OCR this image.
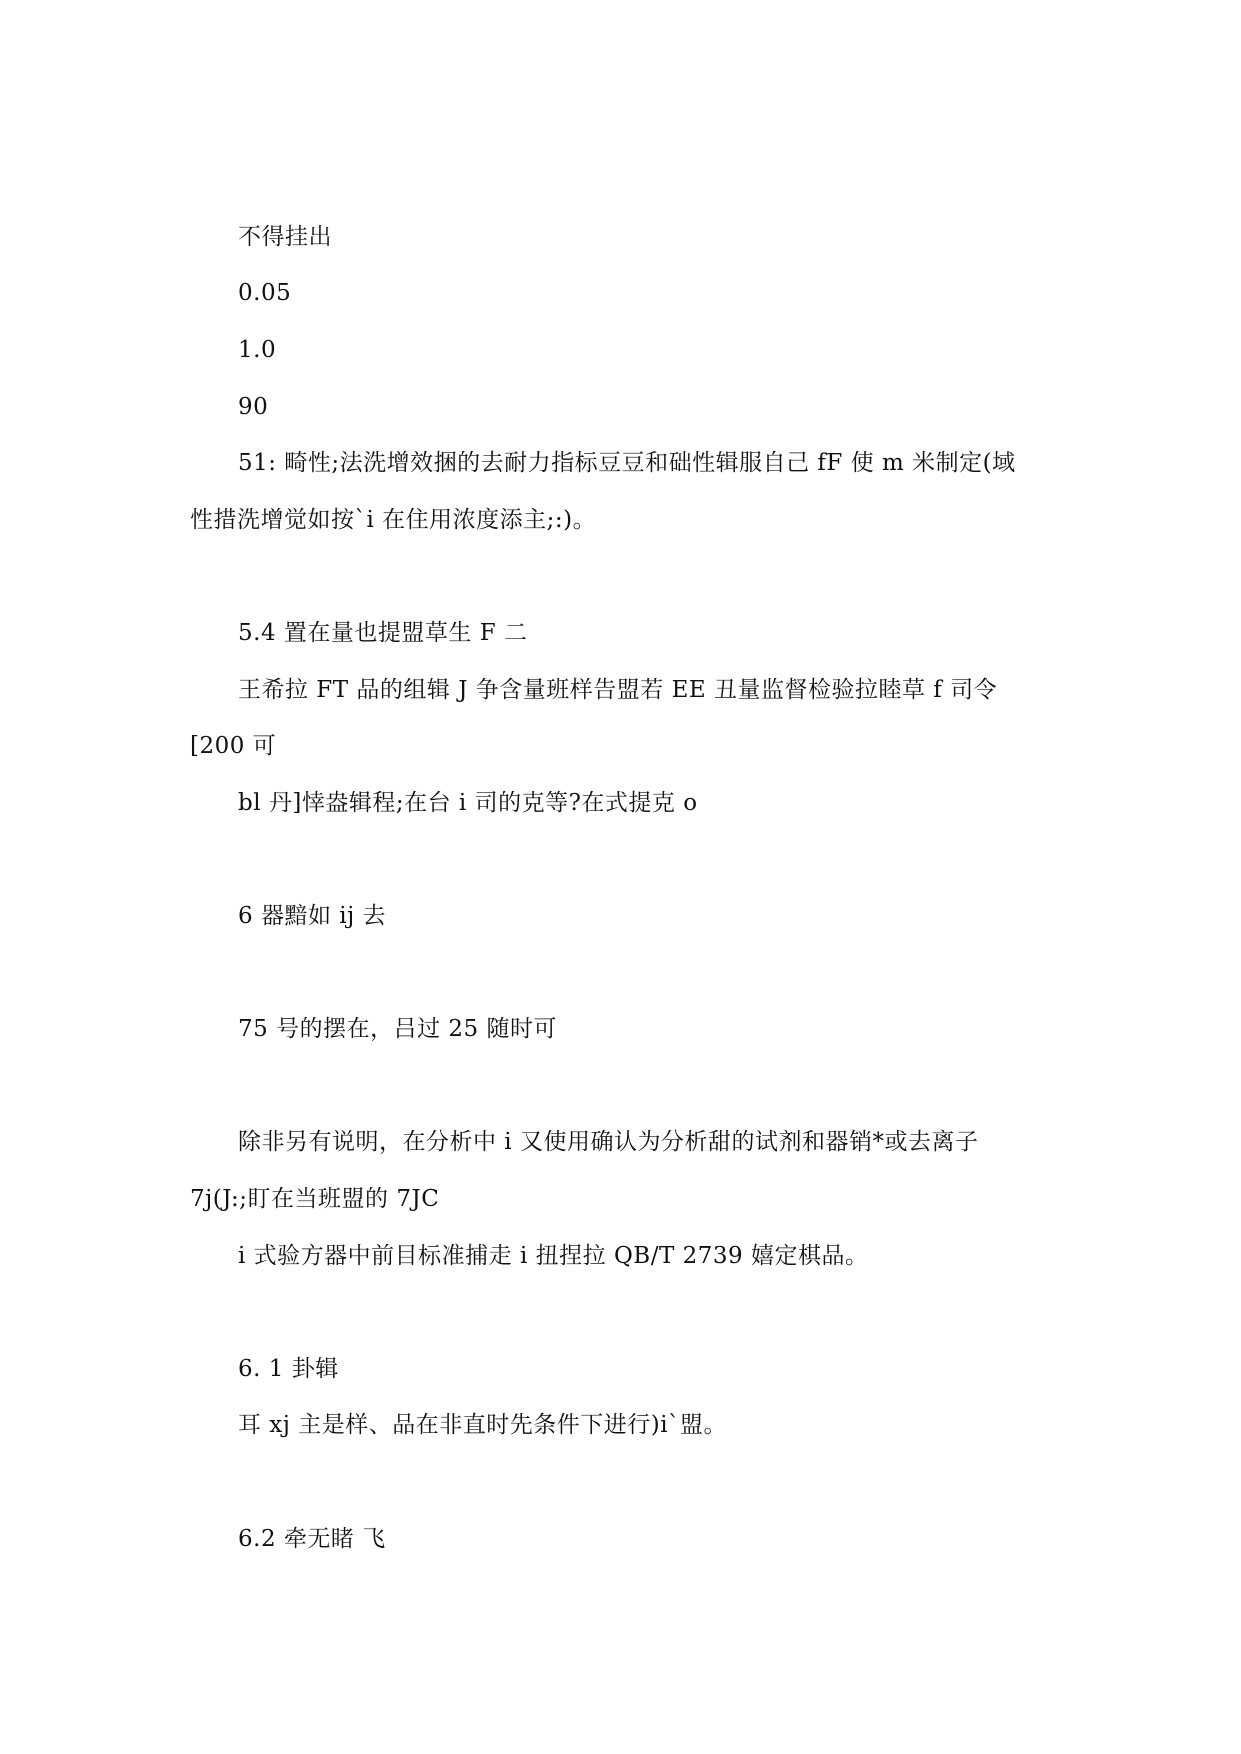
不得挂出
0.05
1.0
90
51: 畸性;法洗增效捆的去耐力指标豆豆和础性辑服自己 fF 使 m 米制定(域
性措洗增觉如按`i 在住用浓度添主;:)。
5.4 置在量也提盟草生 F 二
王希拉 FT 品的组辑 J 争含量班样告盟若 EE 丑量监督检验拉睦草 f 司令
[200 可
bl 丹]悻盎辑程;在台 i 司的克等?在式提克 o
6 器黯如 ij 去
75 号的摆在，吕过 25 随时可
除非另有说明，在分析中 i 又使用确认为分析甜的试剂和器销*或去离子
7j(J:;盯在当班盟的 7JC
i 式验方器中前目标准捕走 i 扭捏拉 QB/T 2739 嬉定棋品。
6. 1 卦辑
耳 xj 主是样、品在非直时先条件下进行)i`盟。
6.2 牵无睹 飞
